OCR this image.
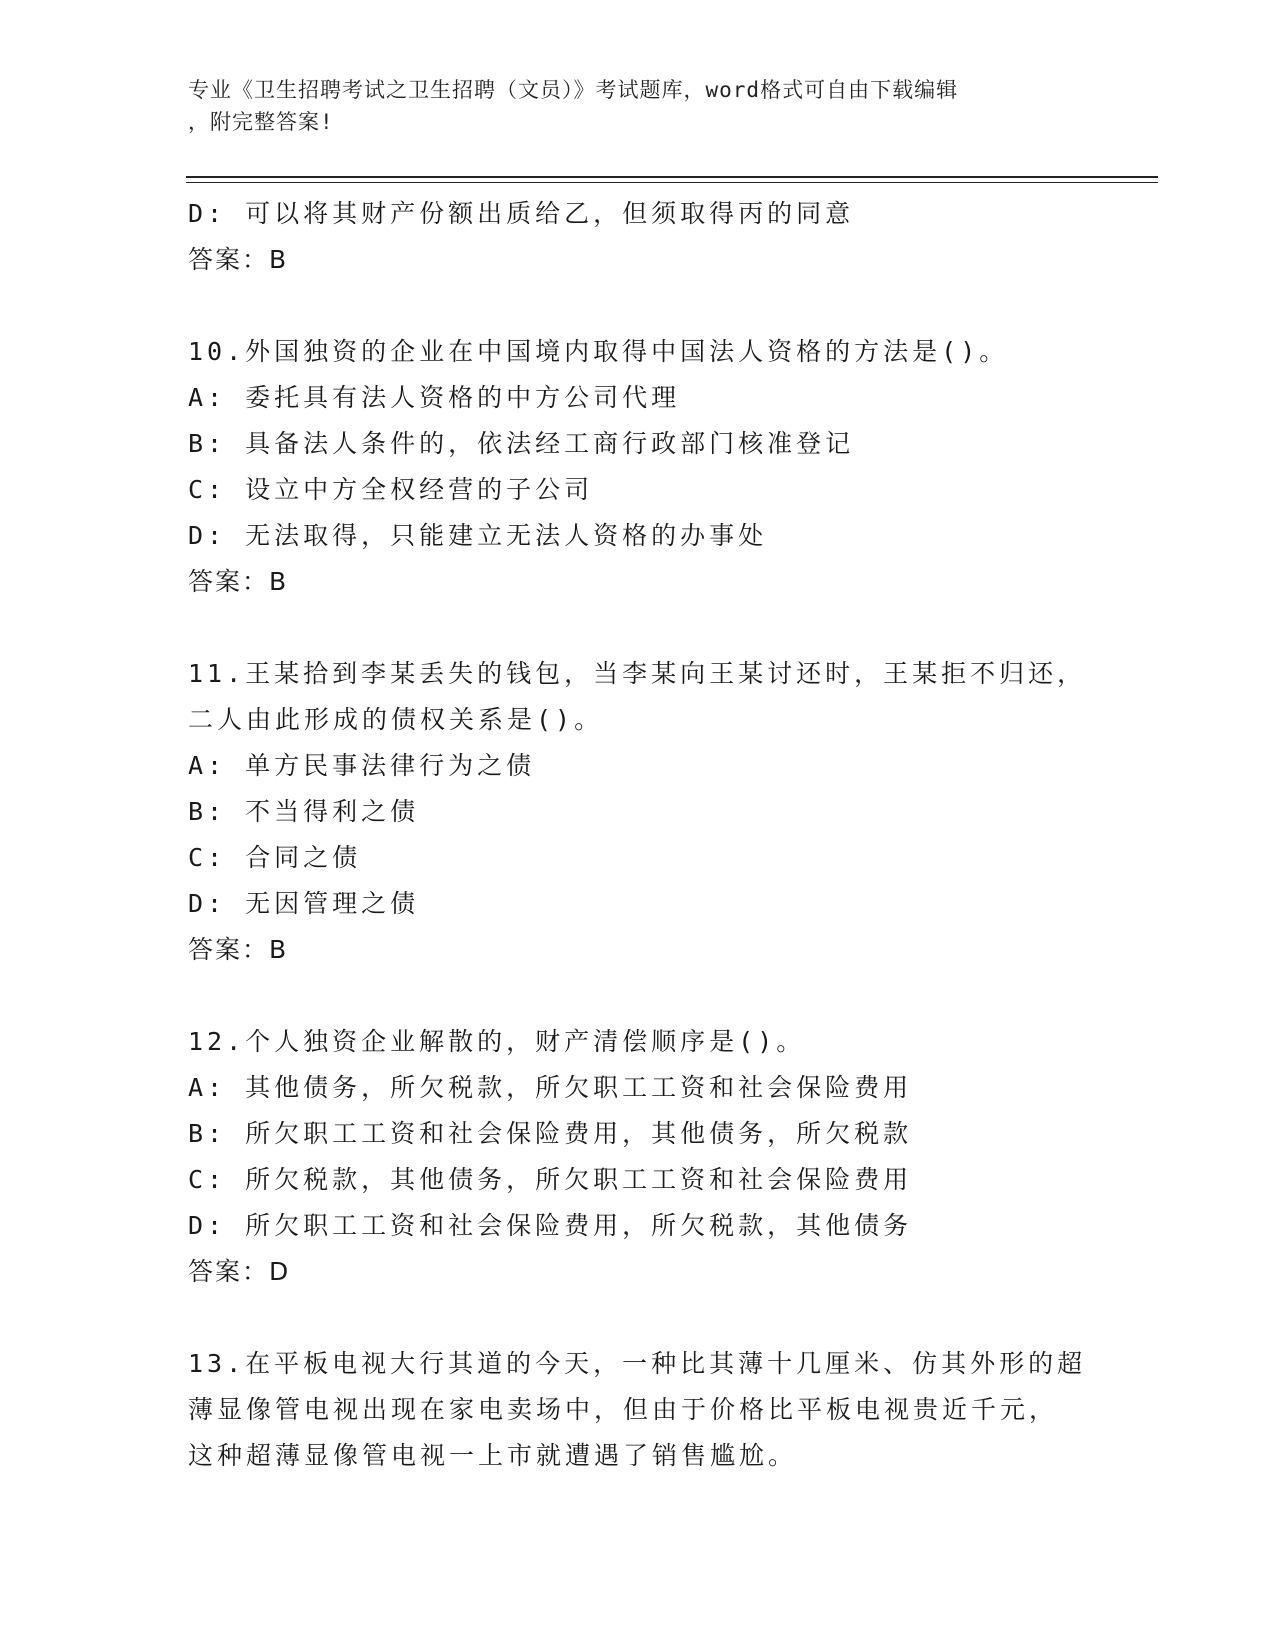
专业《卫生招聘考试之卫生招聘（文员）》考试题库，word格式可自由下载编辑
，附完整答案!
D: 可以将其财产份额出质给乙，但须取得丙的同意
答案：B
10.外国独资的企业在中国境内取得中国法人资格的方法是()。
A: 委托具有法人资格的中方公司代理
B: 具备法人条件的，依法经工商行政部门核准登记
C: 设立中方全权经营的子公司
D: 无法取得，只能建立无法人资格的办事处
答案：B
11.王某拾到李某丢失的钱包，当李某向王某讨还时，王某拒不归还，
二人由此形成的债权关系是()。
A: 单方民事法律行为之债
B: 不当得利之债
C: 合同之债
D: 无因管理之债
答案：B
12.个人独资企业解散的，财产清偿顺序是()。
A: 其他债务，所欠税款，所欠职工工资和社会保险费用
B: 所欠职工工资和社会保险费用，其他债务，所欠税款
C: 所欠税款，其他债务，所欠职工工资和社会保险费用
D: 所欠职工工资和社会保险费用，所欠税款，其他债务
答案：D
13.在平板电视大行其道的今天，一种比其薄十几厘米、仿其外形的超
薄显像管电视出现在家电卖场中，但由于价格比平板电视贵近千元，
这种超薄显像管电视一上市就遭遇了销售尴尬。
